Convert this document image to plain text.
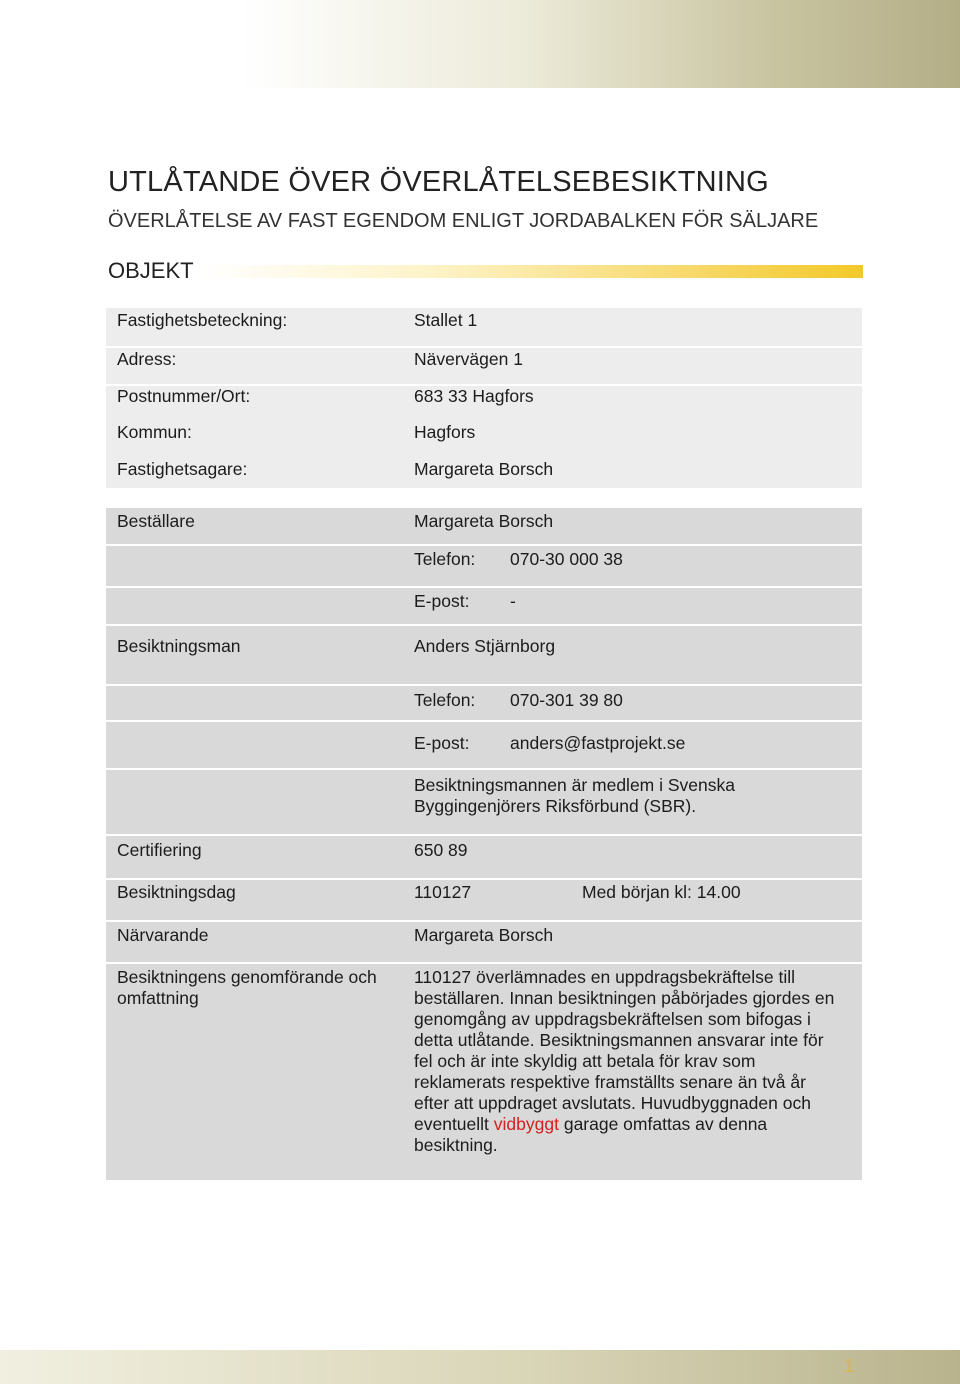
UTLÅTANDE ÖVER ÖVERLÅTELSEBESIKTNING
ÖVERLÅTELSE AV FAST EGENDOM ENLIGT JORDABALKEN FÖR SÄLJARE
OBJEKT
Fastighetsbeteckning:	Stallet 1
Adress:	Nävervägen 1
Postnummer/Ort:	683 33 Hagfors
Kommun:	Hagfors
Fastighetsagare:	Margareta Borsch
Beställare	Margareta Borsch
Telefon: 070-30 000 38
E-post: -
Besiktningsman	Anders Stjärnborg
Telefon: 070-301 39 80
E-post: anders@fastprojekt.se
Besiktningsmannen är medlem i Svenska Byggingenjörers Riksförbund (SBR).
Certifiering	650 89
Besiktningsdag	110127	Med början kl: 14.00
Närvarande	Margareta Borsch
Besiktningens genomförande och omfattning
110127 överlämnades en uppdragsbekräftelse till beställaren. Innan besiktningen påbörjades gjordes en genomgång av uppdragsbekräftelsen som bifogas i detta utlåtande. Besiktningsmannen ansvarar inte för fel och är inte skyldig att betala för krav som reklamerats respektive framställts senare än två år efter att uppdraget avslutats. Huvudbyggnaden och eventuellt vidbyggt garage omfattas av denna besiktning.
1
